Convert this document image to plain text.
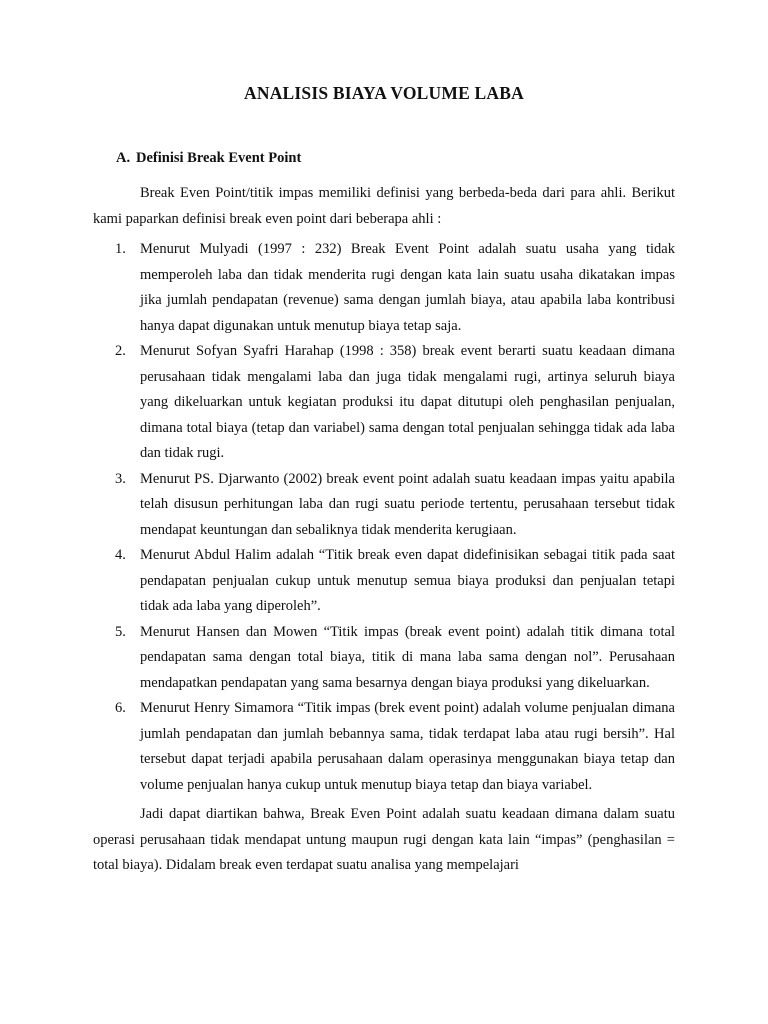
ANALISIS BIAYA VOLUME LABA
A. Definisi Break Event Point

Break Even Point/titik impas memiliki definisi yang berbeda-beda dari para ahli. Berikut kami paparkan definisi break even point dari beberapa ahli :

1. Menurut Mulyadi (1997 : 232) Break Event Point adalah suatu usaha yang tidak memperoleh laba dan tidak menderita rugi dengan kata lain suatu usaha dikatakan impas jika jumlah pendapatan (revenue) sama dengan jumlah biaya, atau apabila laba kontribusi hanya dapat digunakan untuk menutup biaya tetap saja.
2. Menurut Sofyan Syafri Harahap (1998 : 358) break event berarti suatu keadaan dimana perusahaan tidak mengalami laba dan juga tidak mengalami rugi, artinya seluruh biaya yang dikeluarkan untuk kegiatan produksi itu dapat ditutupi oleh penghasilan penjualan, dimana total biaya (tetap dan variabel) sama dengan total penjualan sehingga tidak ada laba dan tidak rugi.
3. Menurut PS. Djarwanto (2002) break event point adalah suatu keadaan impas yaitu apabila telah disusun perhitungan laba dan rugi suatu periode tertentu, perusahaan tersebut tidak mendapat keuntungan dan sebaliknya tidak menderita kerugiaan.
4. Menurut Abdul Halim adalah “Titik break even dapat didefinisikan sebagai titik pada saat pendapatan penjualan cukup untuk menutup semua biaya produksi dan penjualan tetapi tidak ada laba yang diperoleh”.
5. Menurut Hansen dan Mowen “Titik impas (break event point) adalah titik dimana total pendapatan sama dengan total biaya, titik di mana laba sama dengan nol”. Perusahaan mendapatkan pendapatan yang sama besarnya dengan biaya produksi yang dikeluarkan.
6. Menurut Henry Simamora “Titik impas (brek event point) adalah volume penjualan dimana jumlah pendapatan dan jumlah bebannya sama, tidak terdapat laba atau rugi bersih”. Hal tersebut dapat terjadi apabila perusahaan dalam operasinya menggunakan biaya tetap dan volume penjualan hanya cukup untuk menutup biaya tetap dan biaya variabel.

Jadi dapat diartikan bahwa, Break Even Point adalah suatu keadaan dimana dalam suatu operasi perusahaan tidak mendapat untung maupun rugi dengan kata lain “impas” (penghasilan = total biaya). Didalam break even terdapat suatu analisa yang mempelajari
